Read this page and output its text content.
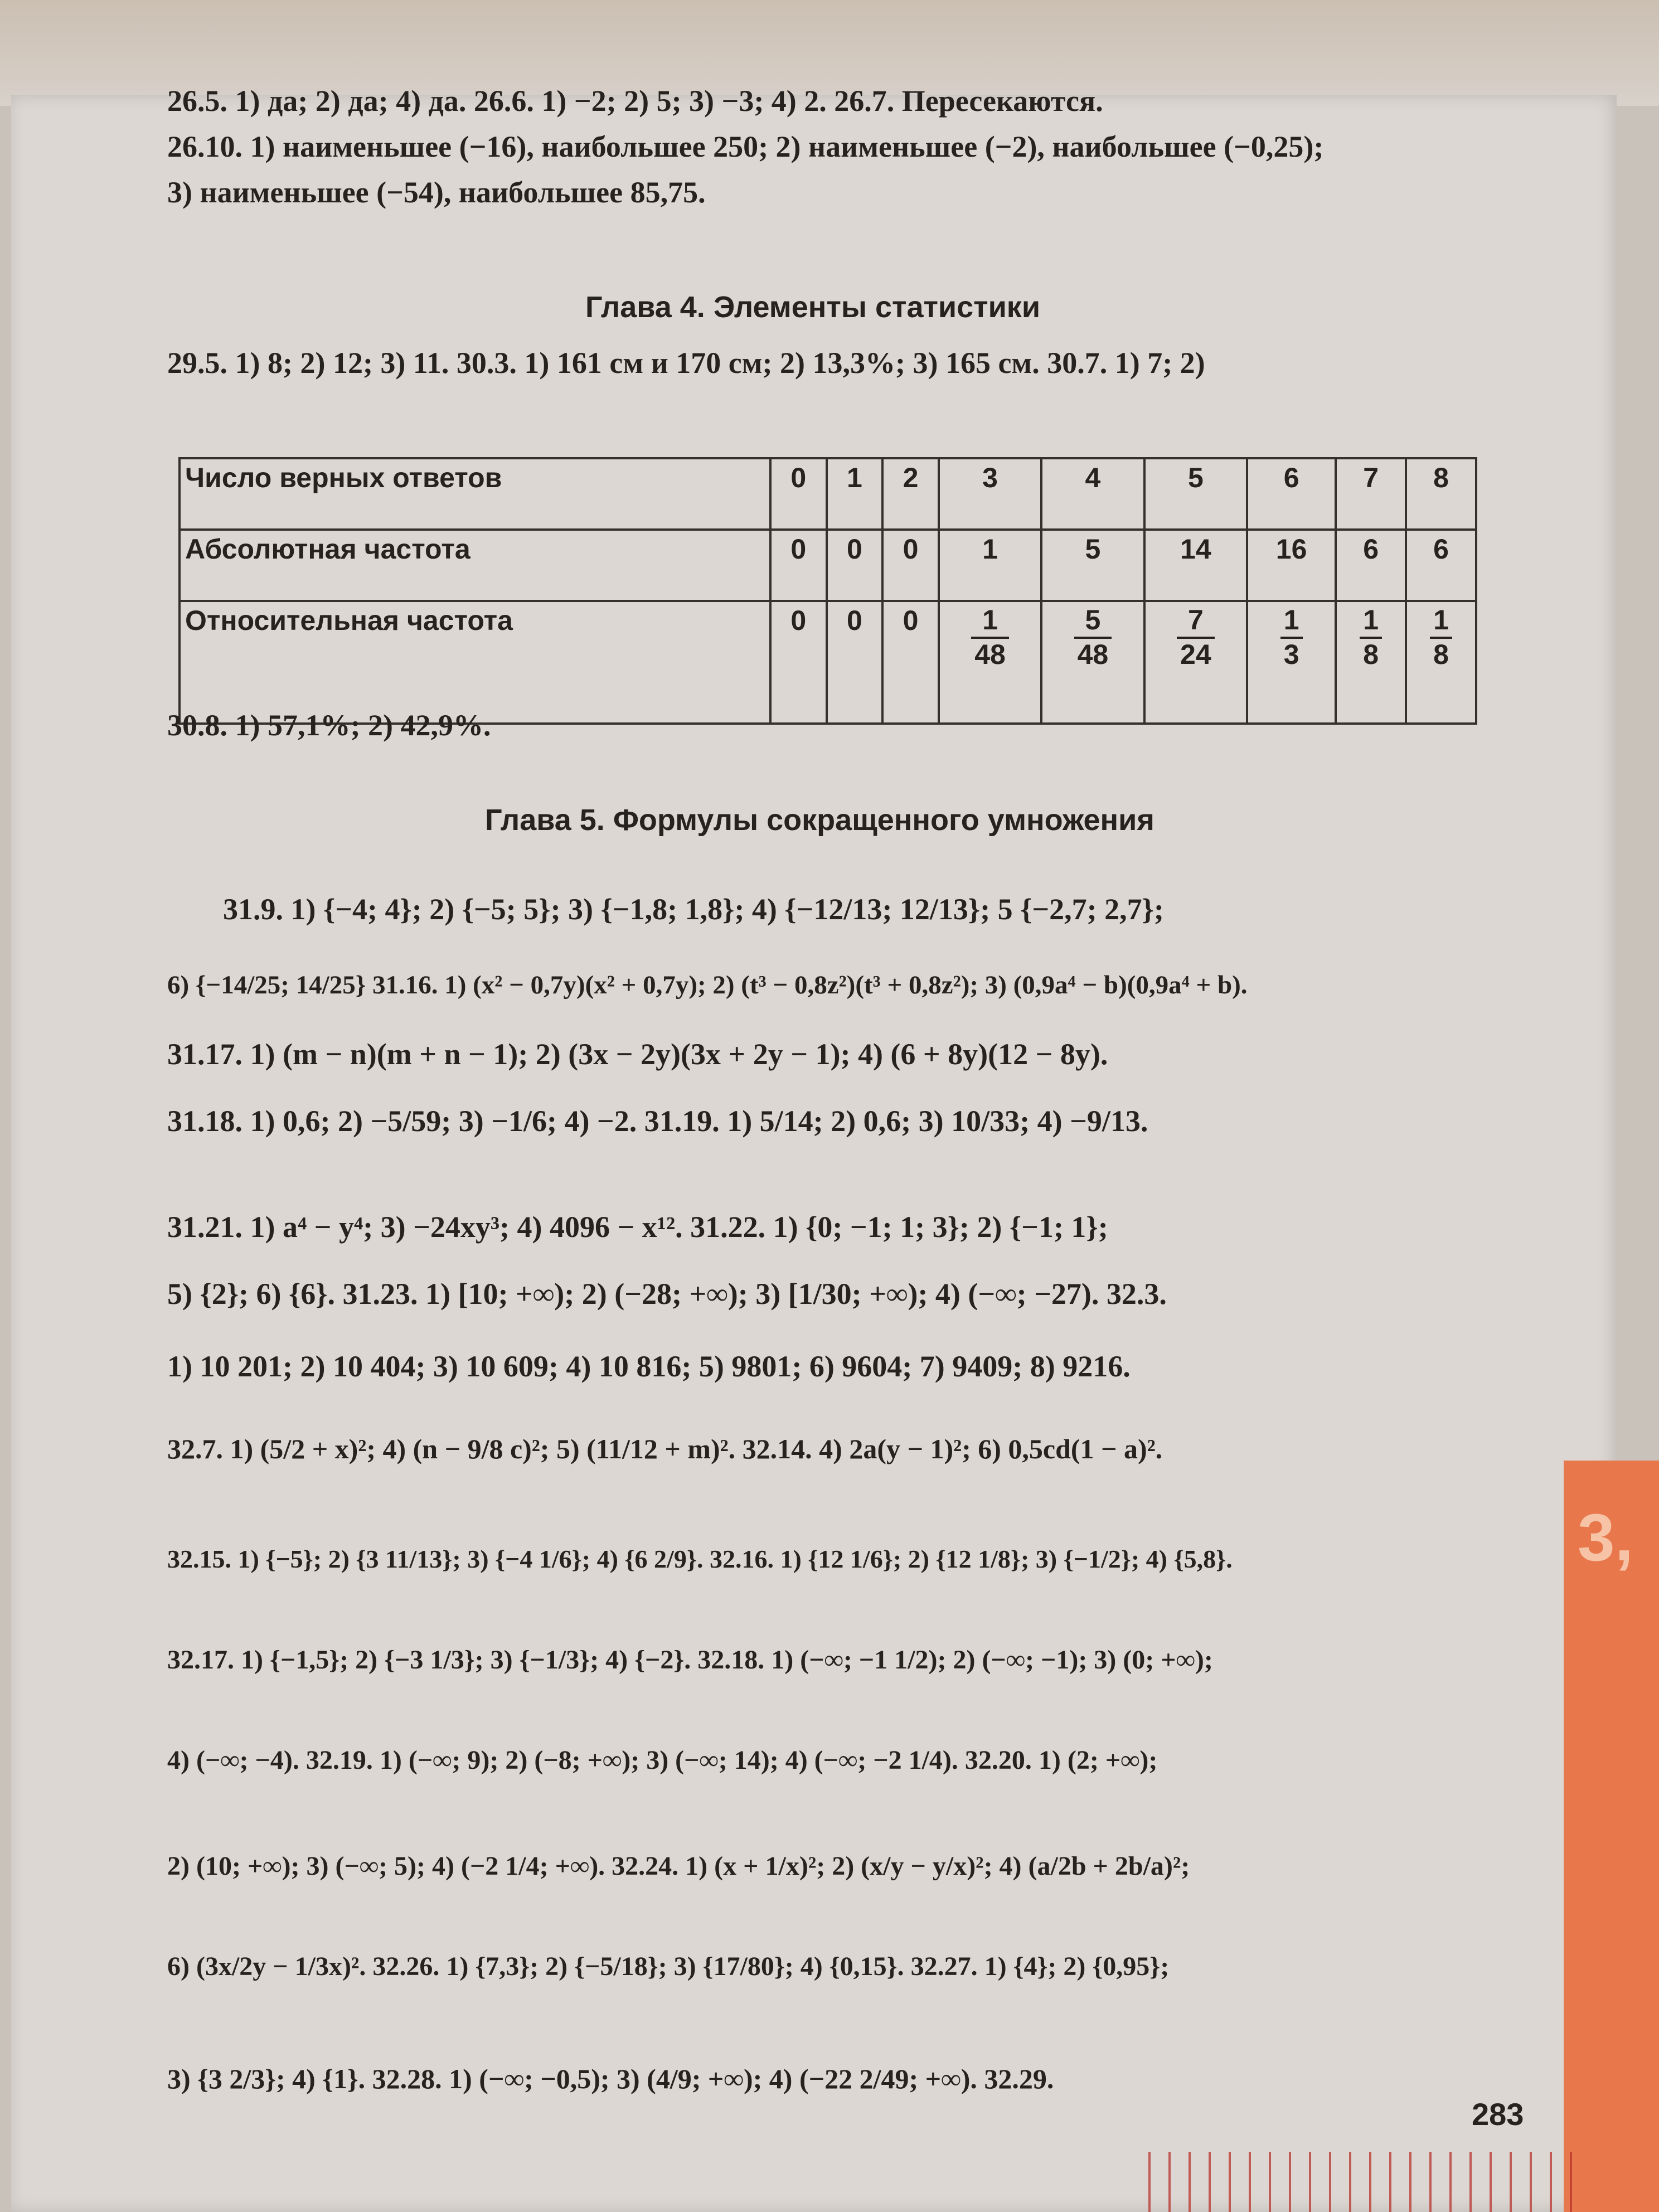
3,
26.5. 1) да; 2) да; 4) да. 26.6. 1) −2; 2) 5; 3) −3; 4) 2. 26.7. Пересекаются.
26.10. 1) наименьшее (−16), наибольшее 250; 2) наименьшее (−2), наибольшее (−0,25);
3) наименьшее (−54), наибольшее 85,75.
Глава 4. Элементы статистики
29.5. 1) 8; 2) 12; 3) 11. 30.3. 1) 161 см и 170 см; 2) 13,3%; 3) 165 см. 30.7. 1) 7; 2)
Число верных ответов	0	1	2	3	4	5	6	7	8
Абсолютная частота	0	0	0	1	5	14	16	6	6
Относительная частота	0	0	0	$\frac{1}{48}$	$\frac{5}{48}$	$\frac{7}{24}$	$\frac{1}{3}$	$\frac{1}{8}$	$\frac{1}{8}$
30.8. 1) 57,1%; 2) 42,9%.
Глава 5. Формулы сокращенного умножения
31.9. 1) {−4; 4}; 2) {−5; 5}; 3) {−1,8; 1,8}; 4) {−12/13; 12/13}; 5 {−2,7; 2,7};
6) {−14/25; 14/25} 31.16. 1) (x² − 0,7y)(x² + 0,7y); 2) (t³ − 0,8z²)(t³ + 0,8z²); 3) (0,9a⁴ − b)(0,9a⁴ + b).
31.17. 1) (m − n)(m + n − 1); 2) (3x − 2y)(3x + 2y − 1); 4) (6 + 8y)(12 − 8y).
31.18. 1) 0,6; 2) −5/59; 3) −1/6; 4) −2. 31.19. 1) 5/14; 2) 0,6; 3) 10/33; 4) −9/13.
31.21. 1) a⁴ − y⁴; 3) −24xy³; 4) 4096 − x¹². 31.22. 1) {0; −1; 1; 3}; 2) {−1; 1};
5) {2}; 6) {6}. 31.23. 1) [10; +∞); 2) (−28; +∞); 3) [1/30; +∞); 4) (−∞; −27). 32.3.
1) 10 201; 2) 10 404; 3) 10 609; 4) 10 816; 5) 9801; 6) 9604; 7) 9409; 8) 9216.
32.7. 1) (5/2 + x)²; 4) (n − 9/8 c)²; 5) (11/12 + m)². 32.14. 4) 2a(y − 1)²; 6) 0,5cd(1 − a)².
32.15. 1) {−5}; 2) {3 11/13}; 3) {−4 1/6}; 4) {6 2/9}. 32.16. 1) {12 1/6}; 2) {12 1/8}; 3) {−1/2}; 4) {5,8}.
32.17. 1) {−1,5}; 2) {−3 1/3}; 3) {−1/3}; 4) {−2}. 32.18. 1) (−∞; −1 1/2); 2) (−∞; −1); 3) (0; +∞);
4) (−∞; −4). 32.19. 1) (−∞; 9); 2) (−8; +∞); 3) (−∞; 14); 4) (−∞; −2 1/4). 32.20. 1) (2; +∞);
2) (10; +∞); 3) (−∞; 5); 4) (−2 1/4; +∞). 32.24. 1) (x + 1/x)²; 2) (x/y − y/x)²; 4) (a/2b + 2b/a)²;
6) (3x/2y − 1/3x)². 32.26. 1) {7,3}; 2) {−5/18}; 3) {17/80}; 4) {0,15}. 32.27. 1) {4}; 2) {0,95};
3) {3 2/3}; 4) {1}. 32.28. 1) (−∞; −0,5); 3) (4/9; +∞); 4) (−22 2/49; +∞). 32.29.
283
